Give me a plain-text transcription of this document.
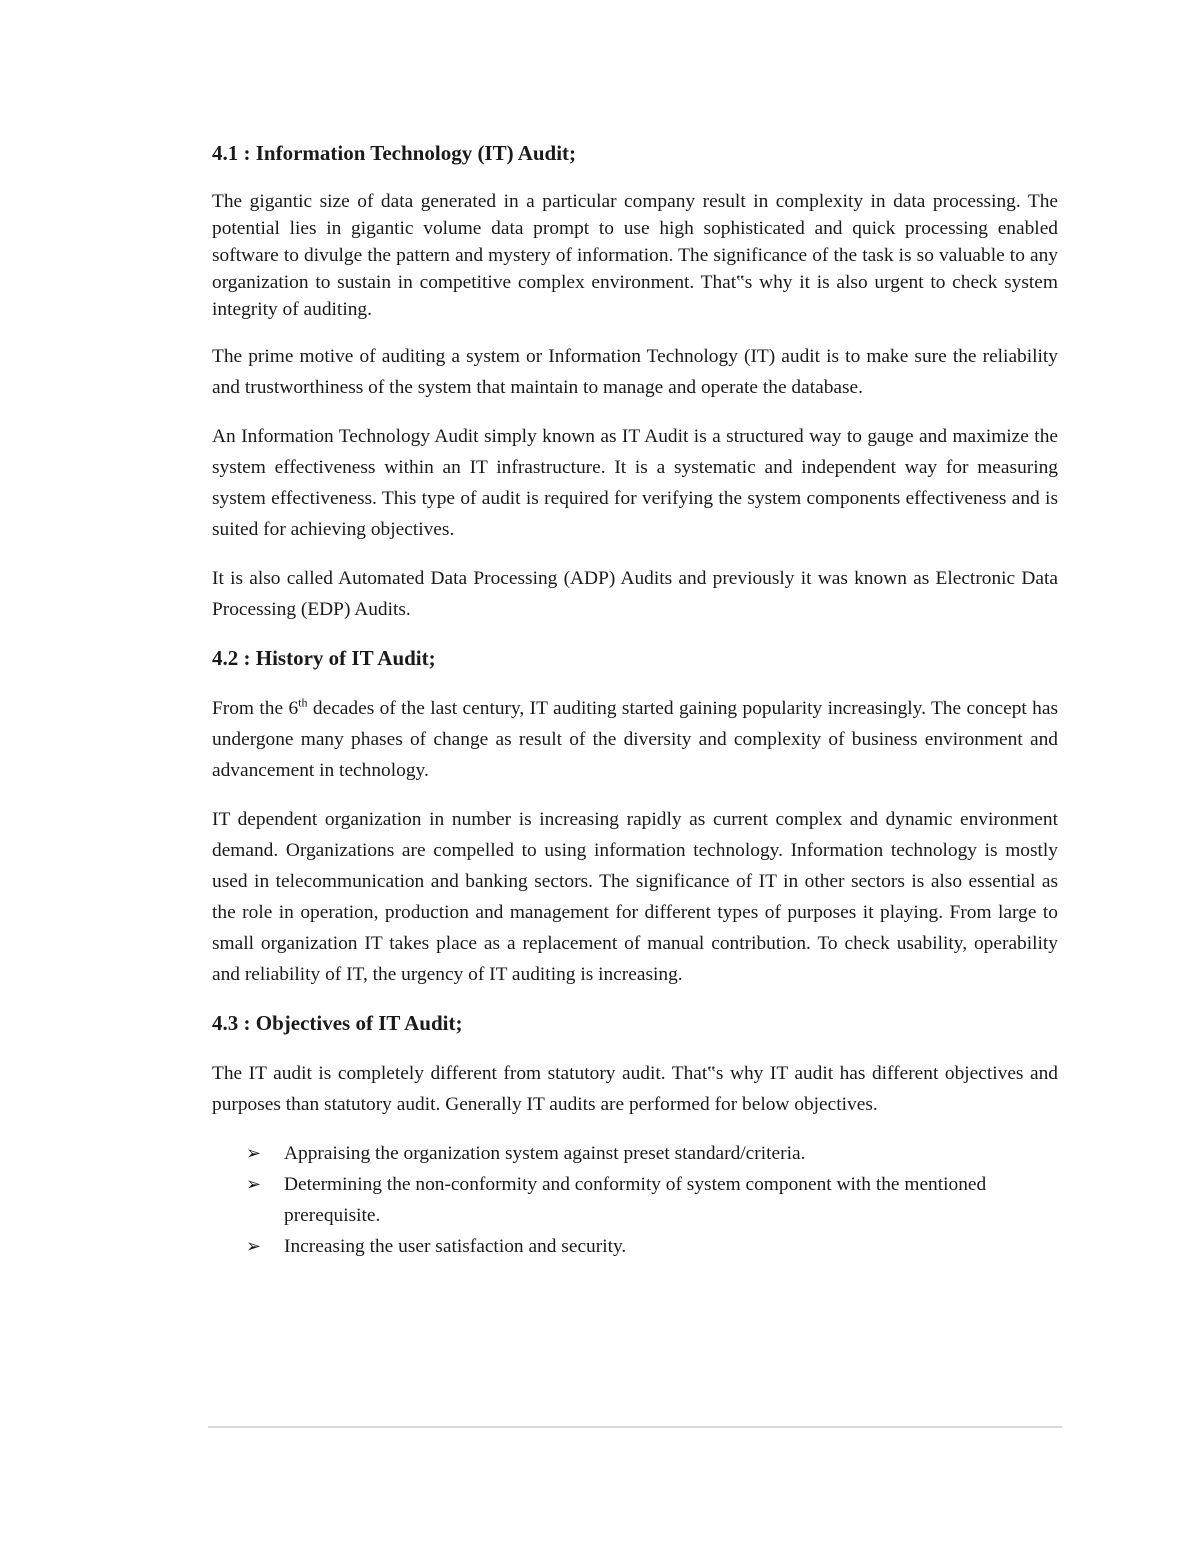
4.1 : Information Technology (IT) Audit;

The gigantic size of data generated in a particular company result in complexity in data processing. The potential lies in gigantic volume data prompt to use high sophisticated and quick processing enabled software to divulge the pattern and mystery of information. The significance of the task is so valuable to any organization to sustain in competitive complex environment. That‟s why it is also urgent to check system integrity of auditing.

The prime motive of auditing a system or Information Technology (IT) audit is to make sure the reliability and trustworthiness of the system that maintain to manage and operate the database.

An Information Technology Audit simply known as IT Audit is a structured way to gauge and maximize the system effectiveness within an IT infrastructure. It is a systematic and independent way for measuring system effectiveness. This type of audit is required for verifying the system components effectiveness and is suited for achieving objectives.

It is also called Automated Data Processing (ADP) Audits and previously it was known as Electronic Data Processing (EDP) Audits.

4.2 : History of IT Audit;

From the 6th decades of the last century, IT auditing started gaining popularity increasingly. The concept has undergone many phases of change as result of the diversity and complexity of business environment and advancement in technology.

IT dependent organization in number is increasing rapidly as current complex and dynamic environment demand. Organizations are compelled to using information technology. Information technology is mostly used in telecommunication and banking sectors. The significance of IT in other sectors is also essential as the role in operation, production and management for different types of purposes it playing. From large to small organization IT takes place as a replacement of manual contribution. To check usability, operability and reliability of IT, the urgency of IT auditing is increasing.

4.3 : Objectives of IT Audit;

The IT audit is completely different from statutory audit. That‟s why IT audit has different objectives and purposes than statutory audit. Generally IT audits are performed for below objectives.

➢ Appraising the organization system against preset standard/criteria.
➢ Determining the non-conformity and conformity of system component with the mentioned prerequisite.
➢ Increasing the user satisfaction and security.
